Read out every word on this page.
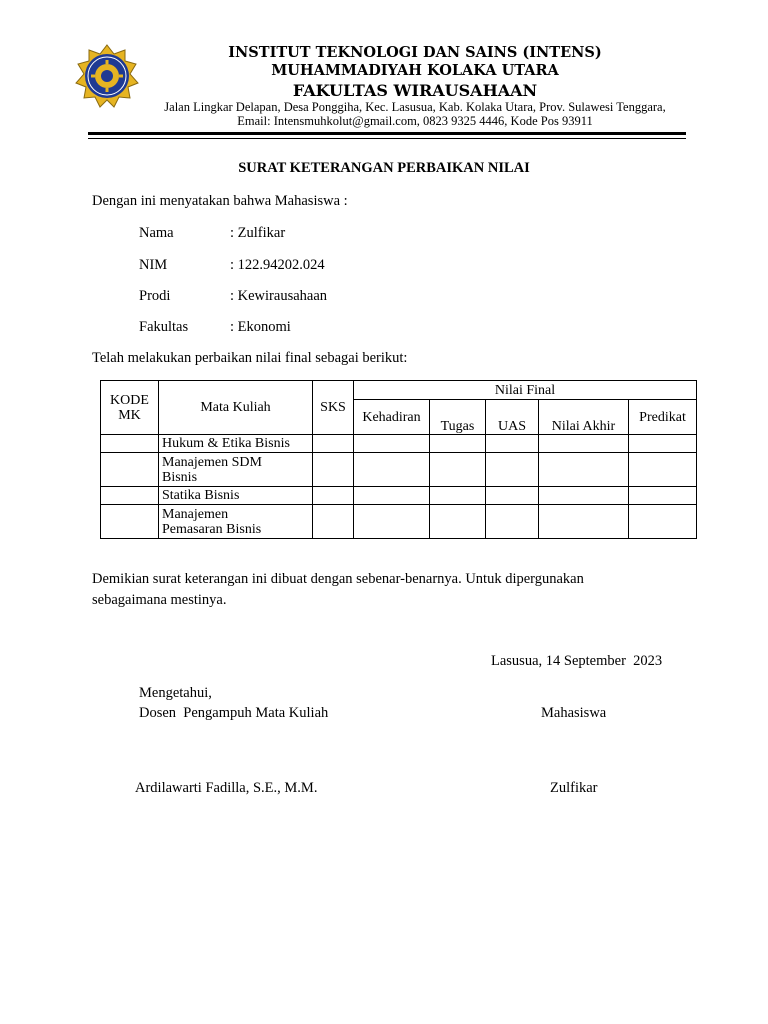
INSTITUT TEKNOLOGI DAN SAINS (INTENS)
MUHAMMADIYAH KOLAKA UTARA
FAKULTAS WIRAUSAHAAN
Jalan Lingkar Delapan, Desa Ponggiha, Kec. Lasusua, Kab. Kolaka Utara, Prov. Sulawesi Tenggara,
Email: Intensmuhkolut@gmail.com, 0823 9325 4446, Kode Pos 93911
SURAT KETERANGAN PERBAIKAN NILAI
Dengan ini menyatakan bahwa Mahasiswa :
Nama	: Zulfikar
NIM	: 122.94202.024
Prodi	: Kewirausahaan
Fakultas	: Ekonomi
Telah melakukan perbaikan nilai final sebagai berikut:
KODE MK	Mata Kuliah	SKS	Nilai Final				
			Kehadiran	Tugas	UAS	Nilai Akhir	Predikat
	Hukum & Etika Bisnis						
	Manajemen SDM Bisnis						
	Statika Bisnis						
	Manajemen Pemasaran Bisnis						
Demikian surat keterangan ini dibuat dengan sebenar-benarnya. Untuk dipergunakan
sebagaimana mestinya.
Lasusua, 14 September  2023
Mengetahui,
Dosen  Pengampuh Mata Kuliah	Mahasiswa
Ardilawarti Fadilla, S.E., M.M.	Zulfikar
